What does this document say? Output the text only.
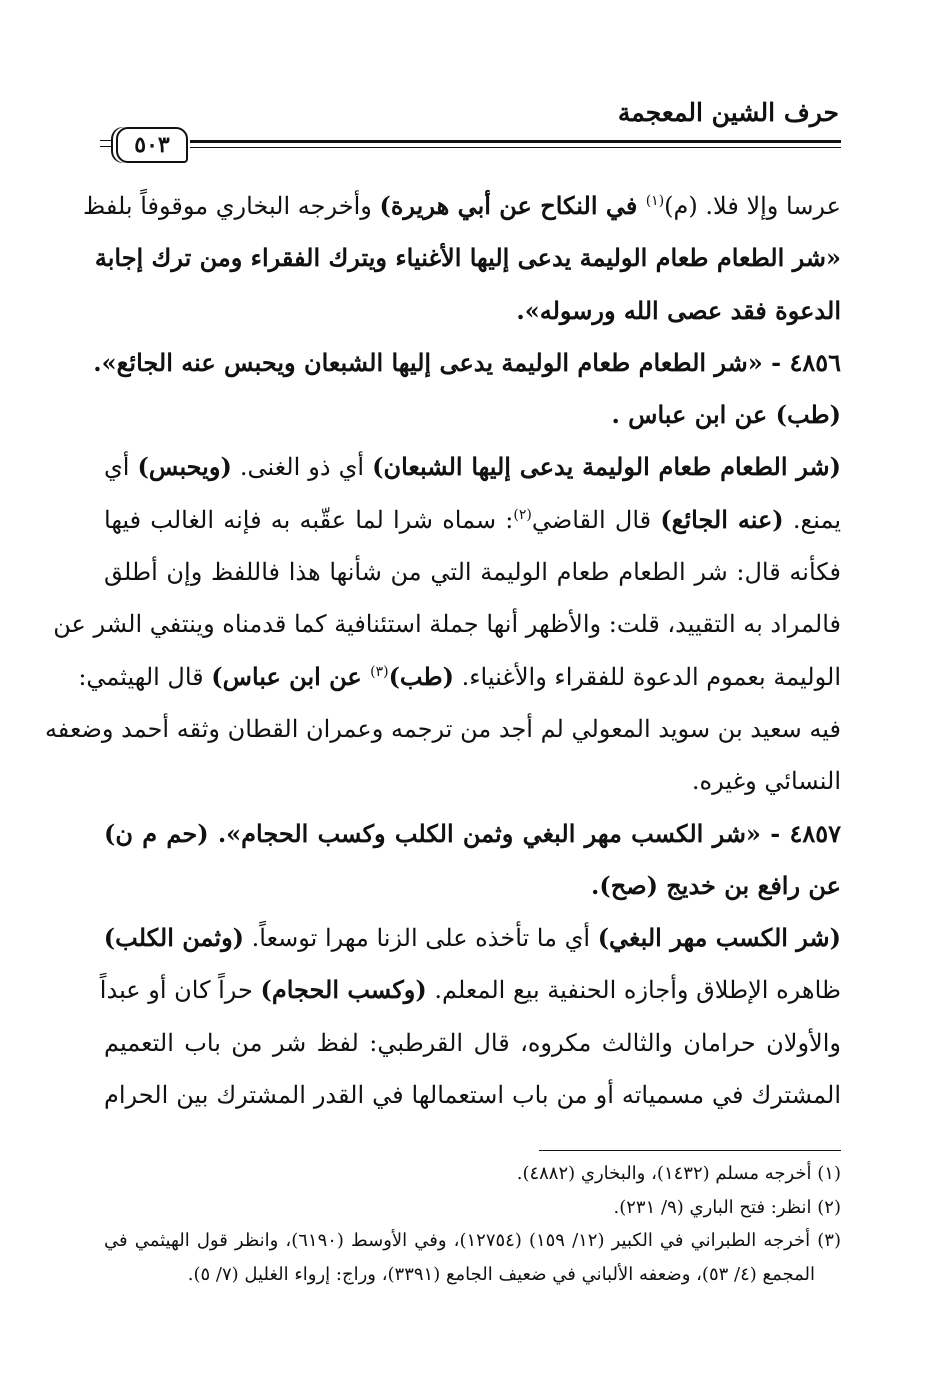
حرف الشين المعجمة
٥٠٣
عرسا وإلا فلا. (م)$^{(١)}$ في النكاح عن أبي هريرة) وأخرجه البخاري موقوفاً بلفظ
«شر الطعام طعام الوليمة يدعى إليها الأغنياء ويترك الفقراء ومن ترك إجابة
الدعوة فقد عصى الله ورسوله».
٤٨٥٦ - «شر الطعام طعام الوليمة يدعى إليها الشبعان ويحبس عنه الجائع».
(طب) عن ابن عباس .
(شر الطعام طعام الوليمة يدعى إليها الشبعان) أي ذو الغنى. (ويحبس) أي
يمنع. (عنه الجائع) قال القاضي$^{(٢)}$: سماه شرا لما عقّبه به فإنه الغالب فيها
فكأنه قال: شر الطعام طعام الوليمة التي من شأنها هذا فاللفظ وإن أطلق
فالمراد به التقييد، قلت: والأظهر أنها جملة استئنافية كما قدمناه وينتفي الشر عن
الوليمة بعموم الدعوة للفقراء والأغنياء. (طب)$^{(٣)}$ عن ابن عباس) قال الهيثمي:
فيه سعيد بن سويد المعولي لم أجد من ترجمه وعمران القطان وثقه أحمد وضعفه
النسائي وغيره.
٤٨٥٧ - «شر الكسب مهر البغي وثمن الكلب وكسب الحجام». (حم م ن)
عن رافع بن خديج (صح).
(شر الكسب مهر البغي) أي ما تأخذه على الزنا مهرا توسعاً. (وثمن الكلب)
ظاهره الإطلاق وأجازه الحنفية بيع المعلم. (وكسب الحجام) حراً كان أو عبداً
والأولان حرامان والثالث مكروه، قال القرطبي: لفظ شر من باب التعميم
المشترك في مسمياته أو من باب استعمالها في القدر المشترك بين الحرام
(١) أخرجه مسلم (١٤٣٢)، والبخاري (٤٨٨٢).
(٢) انظر: فتح الباري (٩/ ٢٣١).
(٣) أخرجه الطبراني في الكبير (١٢/ ١٥٩) (١٢٧٥٤)، وفي الأوسط (٦١٩٠)، وانظر قول الهيثمي في
المجمع (٤/ ٥٣)، وضعفه الألباني في ضعيف الجامع (٣٣٩١)، وراج: إرواء الغليل (٧/ ٥).
